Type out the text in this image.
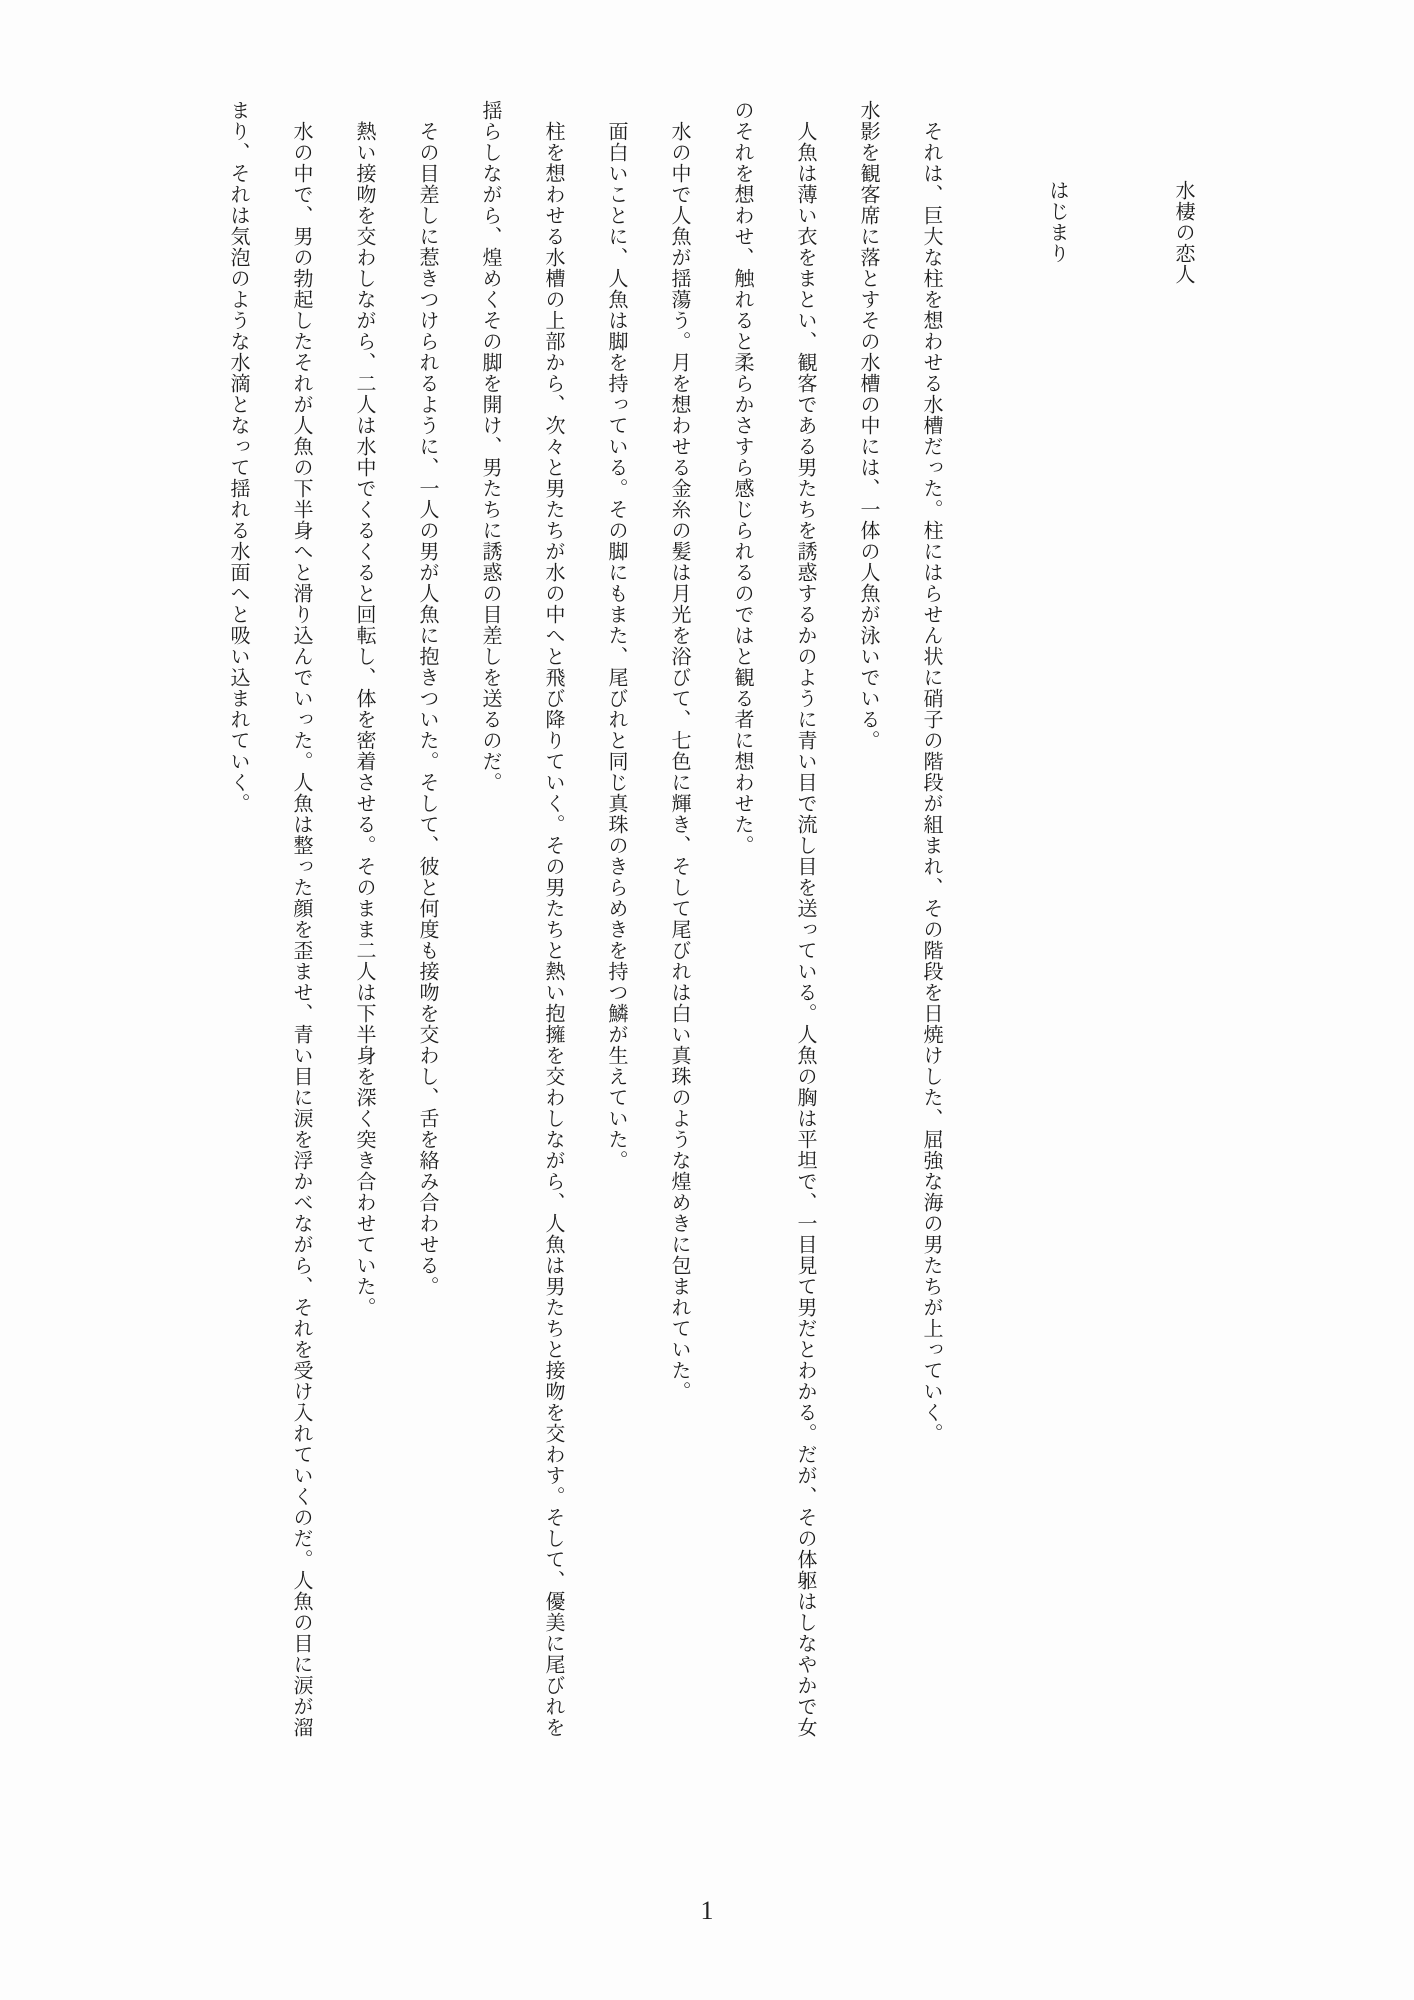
水棲の恋人
はじまり
　それは、巨大な柱を想わせる水槽だった。柱にはらせん状に硝子の階段が組まれ、その階段を日焼けした、屈強な海の男たちが上っていく。
水影を観客席に落とすその水槽の中には、一体の人魚が泳いでいる。
　人魚は薄い衣をまとい、観客である男たちを誘惑するかのように青い目で流し目を送っている。人魚の胸は平坦で、一目見て男だとわかる。だが、その体躯はしなやかで女
のそれを想わせ、触れると柔らかさすら感じられるのではと観る者に想わせた。
　水の中で人魚が揺蕩う。月を想わせる金糸の髪は月光を浴びて、七色に輝き、そして尾びれは白い真珠のような煌めきに包まれていた。
　面白いことに、人魚は脚を持っている。その脚にもまた、尾びれと同じ真珠のきらめきを持つ鱗が生えていた。
　柱を想わせる水槽の上部から、次々と男たちが水の中へと飛び降りていく。その男たちと熱い抱擁を交わしながら、人魚は男たちと接吻を交わす。そして、優美に尾びれを
揺らしながら、煌めくその脚を開け、男たちに誘惑の目差しを送るのだ。
　その目差しに惹きつけられるように、一人の男が人魚に抱きついた。そして、彼と何度も接吻を交わし、舌を絡み合わせる。
　熱い接吻を交わしながら、二人は水中でくるくると回転し、体を密着させる。そのまま二人は下半身を深く突き合わせていた。
　水の中で、男の勃起したそれが人魚の下半身へと滑り込んでいった。人魚は整った顔を歪ませ、青い目に涙を浮かべながら、それを受け入れていくのだ。人魚の目に涙が溜
まり、それは気泡のような水滴となって揺れる水面へと吸い込まれていく。
1
